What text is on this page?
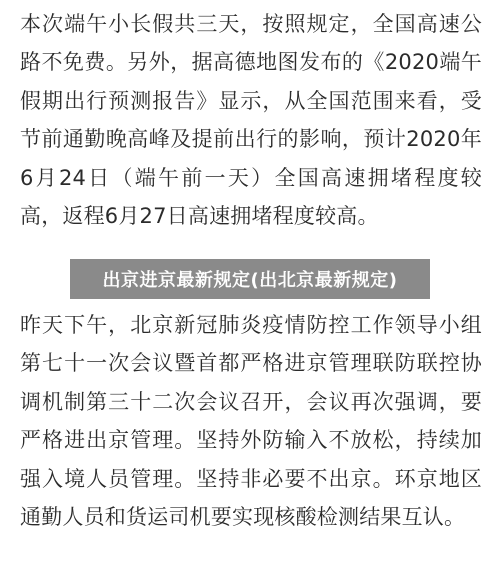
本次端午小长假共三天，按照规定，全国高速公路不免费。另外，据高德地图发布的《2020端午假期出行预测报告》显示，从全国范围来看，受节前通勤晚高峰及提前出行的影响，预计2020年6月24日（端午前一天）全国高速拥堵程度较高，返程6月27日高速拥堵程度较高。

出京进京最新规定(出北京最新规定)

昨天下午，北京新冠肺炎疫情防控工作领导小组第七十一次会议暨首都严格进京管理联防联控协调机制第三十二次会议召开，会议再次强调，要严格进出京管理。坚持外防输入不放松，持续加强入境人员管理。坚持非必要不出京。环京地区通勤人员和货运司机要实现核酸检测结果互认。
